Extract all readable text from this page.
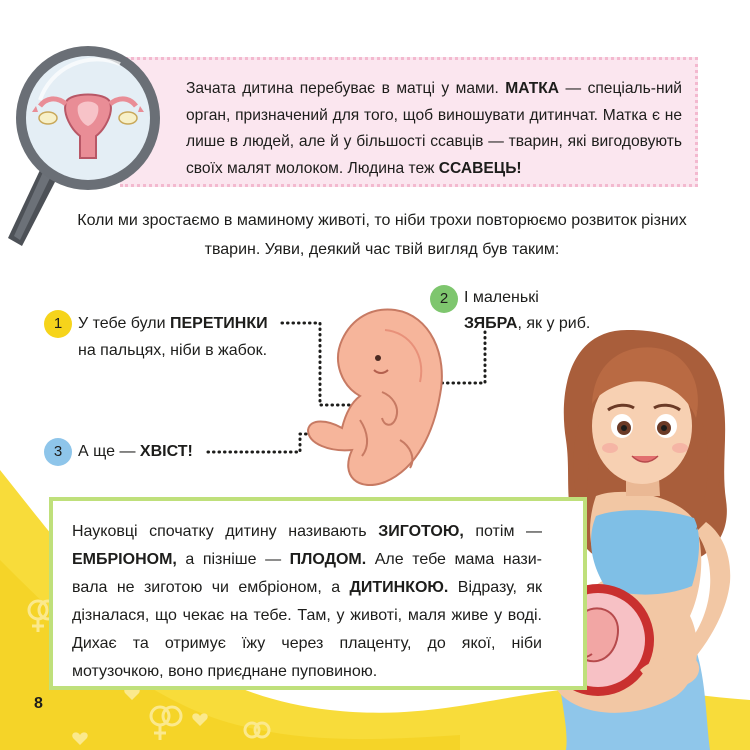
Зачата дитина перебуває в матці у мами. МАТКА — спеціаль-ний орган, призначений для того, щоб виношувати дитинчат. Матка є не лише в людей, але й у більшості ссавців — тварин, які вигодовують своїх малят молоком. Людина теж ССАВЕЦЬ!

Коли ми зростаємо в маминому животі, то ніби трохи повторюємо розвиток різних тварин. Уяви, деякий час твій вигляд був таким:

1 У тебе були ПЕРЕТИНКИ
на пальцях, ніби в жабок.
2 І маленькі
ЗЯБРА, як у риб.
3 А ще — ХВІСТ!

Науковці спочатку дитину називають ЗИГОТОЮ, потім — ЕМБРІОНОМ, а пізніше — ПЛОДОМ. Але тебе мама нази-вала не зиготою чи ембріоном, а ДИТИНКОЮ. Відразу, як дізналася, що чекає на тебе. Там, у животі, маля живе у воді. Дихає та отримує їжу через плаценту, до якої, ніби мотузочкою, воно приєднане пуповиною.

8
